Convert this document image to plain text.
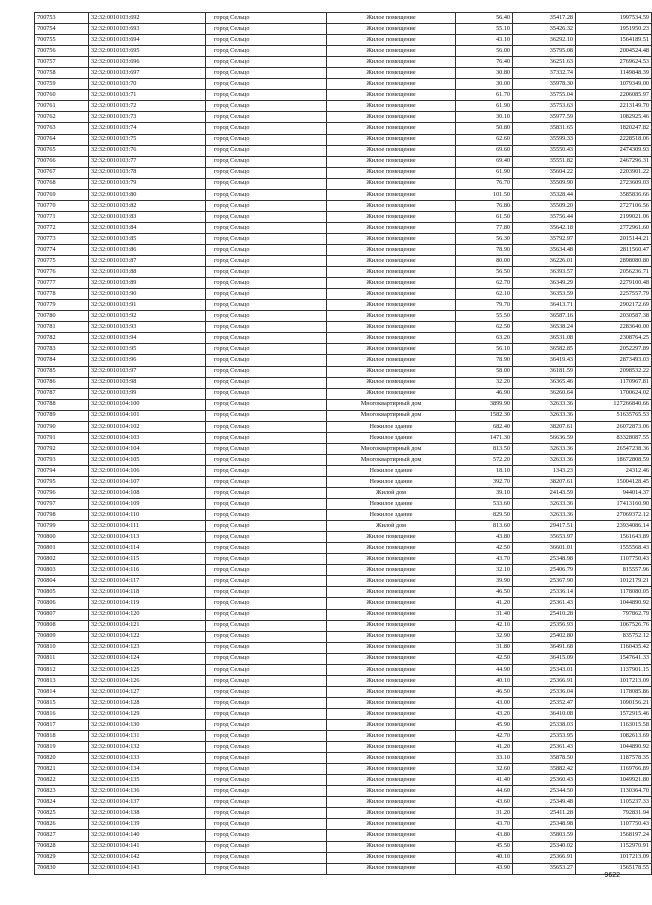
700753	32:32:0010103:692	город Сельцо	Жилое помещение	56.40	35417.28	1997534.59
700754	32:32:0010103:693	город Сельцо	Жилое помещение	55.10	35426.32	1951950.23
700755	32:32:0010103:694	город Сельцо	Жилое помещение	43.10	36292.10	1564189.51
700756	32:32:0010103:695	город Сельцо	Жилое помещение	56.00	35795.08	2004524.48
700757	32:32:0010103:696	город Сельцо	Жилое помещение	76.40	36251.63	2769624.53
700758	32:32:0010103:697	город Сельцо	Жилое помещение	30.80	37332.74	1149848.39
700759	32:32:0010103:70	город Сельцо	Жилое помещение	30.00	35978.30	1079349.00
700760	32:32:0010103:71	город Сельцо	Жилое помещение	61.70	35755.04	2206085.97
700761	32:32:0010103:72	город Сельцо	Жилое помещение	61.90	35753.63	2213149.70
700762	32:32:0010103:73	город Сельцо	Жилое помещение	30.10	35977.59	1082925.46
700763	32:32:0010103:74	город Сельцо	Жилое помещение	50.80	35831.65	1820247.82
700764	32:32:0010103:75	город Сельцо	Жилое помещение	62.60	35599.33	2228518.06
700765	32:32:0010103:76	город Сельцо	Жилое помещение	69.60	35550.43	2474309.93
700766	32:32:0010103:77	город Сельцо	Жилое помещение	69.40	35551.82	2467296.31
700767	32:32:0010103:78	город Сельцо	Жилое помещение	61.90	35604.22	2203901.22
700768	32:32:0010103:79	город Сельцо	Жилое помещение	76.70	35509.90	2723609.03
700769	32:32:0010103:80	город Сельцо	Жилое помещение	101.50	35328.44	3585836.66
700770	32:32:0010103:82	город Сельцо	Жилое помещение	76.80	35509.20	2727106.56
700771	32:32:0010103:83	город Сельцо	Жилое помещение	61.50	35756.44	2199021.06
700772	32:32:0010103:84	город Сельцо	Жилое помещение	77.80	35642.18	2772961.60
700773	32:32:0010103:85	город Сельцо	Жилое помещение	56.30	35792.97	2015144.21
700774	32:32:0010103:86	город Сельцо	Жилое помещение	78.90	35634.48	2811560.47
700775	32:32:0010103:87	город Сельцо	Жилое помещение	80.00	36226.01	2898080.80
700776	32:32:0010103:88	город Сельцо	Жилое помещение	56.50	36393.57	2056236.71
700777	32:32:0010103:89	город Сельцо	Жилое помещение	62.70	36349.29	2279100.48
700778	32:32:0010103:90	город Сельцо	Жилое помещение	62.10	36353.59	2257557.79
700779	32:32:0010103:91	город Сельцо	Жилое помещение	79.70	36413.71	2902172.69
700780	32:32:0010103:92	город Сельцо	Жилое помещение	55.50	36587.16	2030587.38
700781	32:32:0010103:93	город Сельцо	Жилое помещение	62.50	36538.24	2283640.00
700782	32:32:0010103:94	город Сельцо	Жилое помещение	63.20	36531.08	2308764.25
700783	32:32:0010103:95	город Сельцо	Жилое помещение	56.10	36582.85	2052297.89
700784	32:32:0010103:96	город Сельцо	Жилое помещение	78.90	36419.43	2873493.03
700785	32:32:0010103:97	город Сельцо	Жилое помещение	58.00	36181.59	2098532.22
700786	32:32:0010103:98	город Сельцо	Жилое помещение	32.20	36365.46	1170967.81
700787	32:32:0010103:99	город Сельцо	Жилое помещение	46.90	36260.64	1700624.02
700788	32:32:0010104:100	город Сельцо	Многоквартирный дом	3899.90	32633.36	127266840.66
700789	32:32:0010104:101	город Сельцо	Многоквартирный дом	1582.30	32633.36	51635765.53
700790	32:32:0010104:102	город Сельцо	Нежилое здание	682.40	38207.61	26072873.06
700791	32:32:0010104:103	город Сельцо	Нежилое здание	1471.30	56636.59	83328087.55
700792	32:32:0010104:104	город Сельцо	Многоквартирный дом	813.50	32633.36	26547238.36
700793	32:32:0010104:105	город Сельцо	Многоквартирный дом	572.20	32633.36	18672808.59
700794	32:32:0010104:106	город Сельцо	Нежилое здание	18.10	1343.23	24312.46
700795	32:32:0010104:107	город Сельцо	Нежилое здание	392.70	38207.61	15004128.45
700796	32:32:0010104:108	город Сельцо	Жилой дом	39.10	24143.59	944014.37
700797	32:32:0010104:109	город Сельцо	Нежилое здание	533.60	32633.36	17413160.90
700798	32:32:0010104:110	город Сельцо	Нежилое здание	829.50	32633.36	27069372.12
700799	32:32:0010104:111	город Сельцо	Жилой дом	813.60	29417.51	23934086.14
700800	32:32:0010104:113	город Сельцо	Жилое помещение	43.80	35653.97	1561643.89
700801	32:32:0010104:114	город Сельцо	Жилое помещение	42.50	36601.01	1555568.43
700802	32:32:0010104:115	город Сельцо	Жилое помещение	43.70	25348.98	1107750.43
700803	32:32:0010104:116	город Сельцо	Жилое помещение	32.10	25406.79	815557.96
700804	32:32:0010104:117	город Сельцо	Жилое помещение	39.90	25367.90	1012179.21
700805	32:32:0010104:118	город Сельцо	Жилое помещение	46.50	25336.14	1178080.05
700806	32:32:0010104:119	город Сельцо	Жилое помещение	41.20	25361.43	1044890.92
700807	32:32:0010104:120	город Сельцо	Жилое помещение	31.40	25410.28	797862.79
700808	32:32:0010104:121	город Сельцо	Жилое помещение	42.10	25356.93	1067526.76
700809	32:32:0010104:122	город Сельцо	Жилое помещение	32.90	25402.80	835752.12
700810	32:32:0010104:123	город Сельцо	Жилое помещение	31.80	36491.68	1160435.42
700811	32:32:0010104:124	город Сельцо	Жилое помещение	42.50	36415.09	1547641.33
700812	32:32:0010104:125	город Сельцо	Жилое помещение	44.90	25343.01	1137901.15
700813	32:32:0010104:126	город Сельцо	Жилое помещение	40.10	25366.91	1017213.09
700814	32:32:0010104:127	город Сельцо	Жилое помещение	46.50	25336.04	1178085.86
700815	32:32:0010104:128	город Сельцо	Жилое помещение	43.00	25352.47	1090156.21
700816	32:32:0010104:129	город Сельцо	Жилое помещение	43.20	36410.08	1572915.46
700817	32:32:0010104:130	город Сельцо	Жилое помещение	45.90	25338.03	1163015.58
700818	32:32:0010104:131	город Сельцо	Жилое помещение	42.70	25353.95	1082613.69
700819	32:32:0010104:132	город Сельцо	Жилое помещение	41.20	25361.43	1044890.92
700820	32:32:0010104:133	город Сельцо	Жилое помещение	33.10	35878.50	1187578.35
700821	32:32:0010104:134	город Сельцо	Жилое помещение	32.60	35882.42	1169766.89
700822	32:32:0010104:135	город Сельцо	Жилое помещение	41.40	25360.43	1049921.80
700823	32:32:0010104:136	город Сельцо	Жилое помещение	44.60	25344.50	1130364.70
700824	32:32:0010104:137	город Сельцо	Жилое помещение	43.60	25349.48	1105237.33
700825	32:32:0010104:138	город Сельцо	Жилое помещение	31.20	25411.28	792831.94
700826	32:32:0010104:139	город Сельцо	Жилое помещение	43.70	25348.98	1107750.43
700827	32:32:0010104:140	город Сельцо	Жилое помещение	43.80	35803.59	1568197.24
700828	32:32:0010104:141	город Сельцо	Жилое помещение	45.50	25340.02	1152970.91
700829	32:32:0010104:142	город Сельцо	Жилое помещение	40.10	25366.91	1017213.09
700830	32:32:0010104:143	город Сельцо	Жилое помещение	43.90	35653.27	1565178.55
9622
